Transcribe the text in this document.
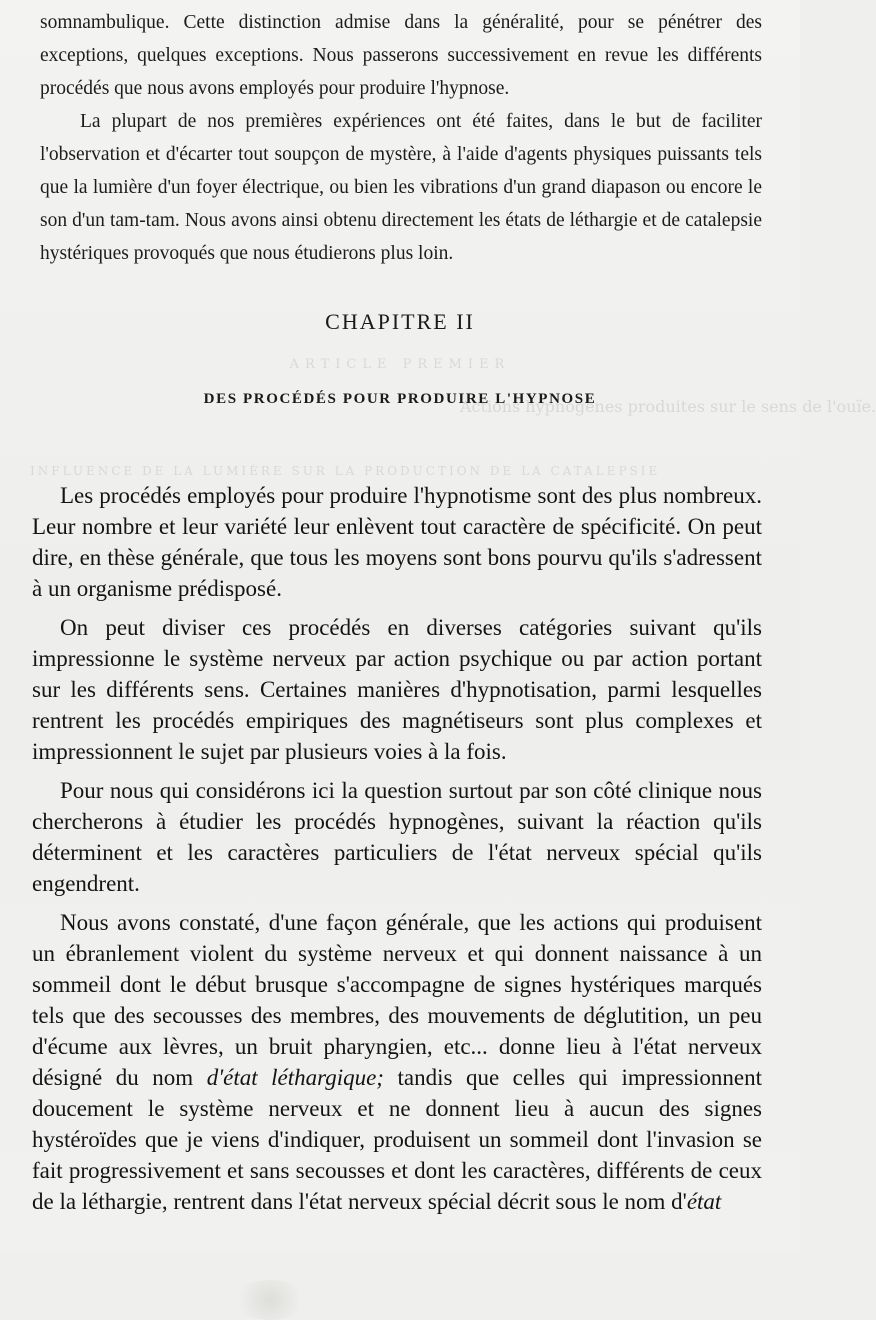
ARTICLE PREMIER
Actions hypnogènes produites sur le sens de l'ouïe.
INFLUENCE DE LA LUMIÈRE SUR LA PRODUCTION DE LA CATALEPSIE

somnambulique. Cette distinction admise dans la généralité, pour se pénétrer des exceptions, quelques exceptions. Nous passerons successivement en revue les différents procédés que nous avons employés pour produire l'hypnose.

La plupart de nos premières expériences ont été faites, dans le but de faciliter l'observation et d'écarter tout soupçon de mystère, à l'aide d'agents physiques puissants tels que la lumière d'un foyer électrique, ou bien les vibrations d'un grand diapason ou encore le son d'un tam-tam. Nous avons ainsi obtenu directement les états de léthargie et de catalepsie hystériques provoqués que nous étudierons plus loin.

CHAPITRE II
DES PROCÉDÉS POUR PRODUIRE L'HYPNOSE

Les procédés employés pour produire l'hypnotisme sont des plus nombreux. Leur nombre et leur variété leur enlèvent tout caractère de spécificité. On peut dire, en thèse générale, que tous les moyens sont bons pourvu qu'ils s'adressent à un organisme prédisposé.

On peut diviser ces procédés en diverses catégories suivant qu'ils impressionne le système nerveux par action psychique ou par action portant sur les différents sens. Certaines manières d'hypnotisation, parmi lesquelles rentrent les procédés empiriques des magnétiseurs sont plus complexes et impressionnent le sujet par plusieurs voies à la fois.

Pour nous qui considérons ici la question surtout par son côté clinique nous chercherons à étudier les procédés hypnogènes, suivant la réaction qu'ils déterminent et les caractères particuliers de l'état nerveux spécial qu'ils engendrent.

Nous avons constaté, d'une façon générale, que les actions qui produisent un ébranlement violent du système nerveux et qui donnent naissance à un sommeil dont le début brusque s'accompagne de signes hystériques marqués tels que des secousses des membres, des mouvements de déglutition, un peu d'écume aux lèvres, un bruit pharyngien, etc... donne lieu à l'état nerveux désigné du nom d'état léthargique; tandis que celles qui impressionnent doucement le système nerveux et ne donnent lieu à aucun des signes hystéroïdes que je viens d'indiquer, produisent un sommeil dont l'invasion se fait progressivement et sans secousses et dont les caractères, différents de ceux de la léthargie, rentrent dans l'état nerveux spécial décrit sous le nom d'état
